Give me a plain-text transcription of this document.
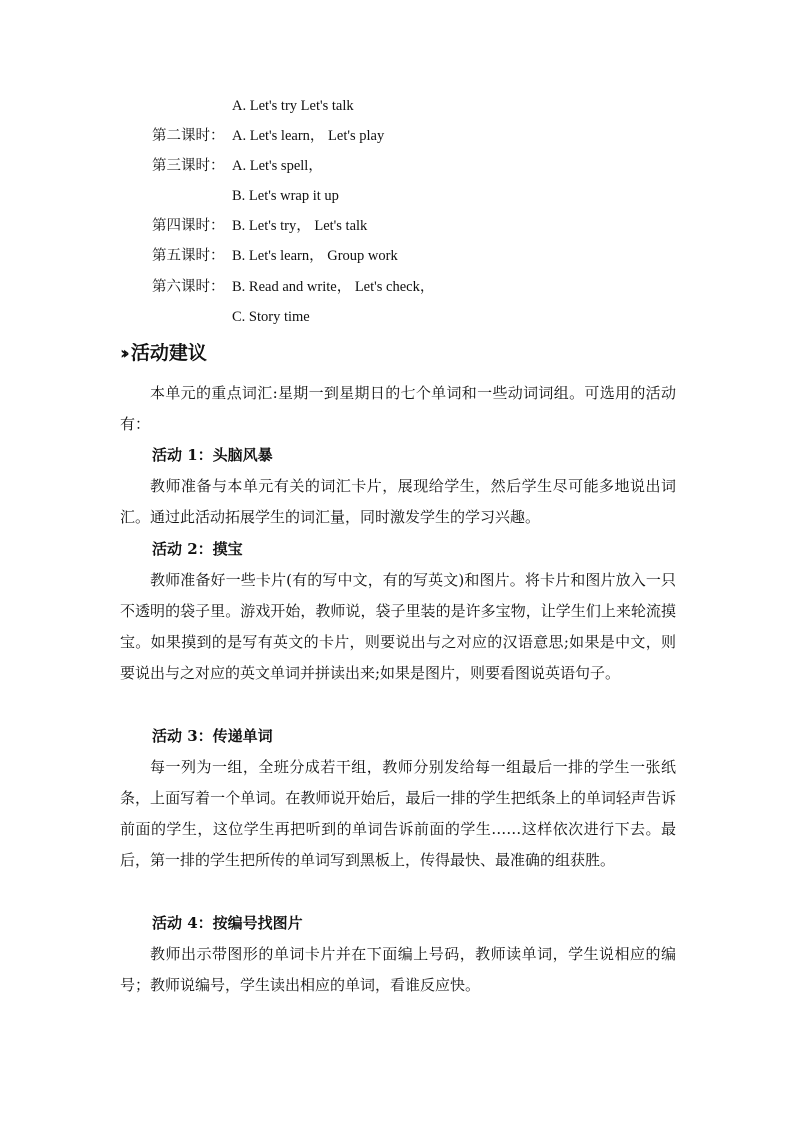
A. Let's try Let's talk
第二课时： A. Let's learn， Let's play
第三课时： A. Let's spell，
B. Let's wrap it up
第四课时： B. Let's try， Let's talk
第五课时： B. Let's learn， Group work
第六课时： B. Read and write， Let's check，
C. Story time
›› 活动建议
本单元的重点词汇:星期一到星期日的七个单词和一些动词词组。可选用的活动有：
活动 1：头脑风暴
教师准备与本单元有关的词汇卡片，展现给学生，然后学生尽可能多地说出词汇。通过此活动拓展学生的词汇量，同时激发学生的学习兴趣。
活动 2：摸宝
教师准备好一些卡片(有的写中文，有的写英文)和图片。将卡片和图片放入一只不透明的袋子里。游戏开始，教师说，袋子里装的是许多宝物，让学生们上来轮流摸宝。如果摸到的是写有英文的卡片，则要说出与之对应的汉语意思;如果是中文，则要说出与之对应的英文单词并拼读出来;如果是图片，则要看图说英语句子。
活动 3：传递单词
每一列为一组，全班分成若干组，教师分别发给每一组最后一排的学生一张纸条，上面写着一个单词。在教师说开始后，最后一排的学生把纸条上的单词轻声告诉前面的学生，这位学生再把听到的单词告诉前面的学生……这样依次进行下去。最后，第一排的学生把所传的单词写到黑板上，传得最快、最准确的组获胜。
活动 4：按编号找图片
教师出示带图形的单词卡片并在下面编上号码，教师读单词，学生说相应的编号；教师说编号，学生读出相应的单词，看谁反应快。
